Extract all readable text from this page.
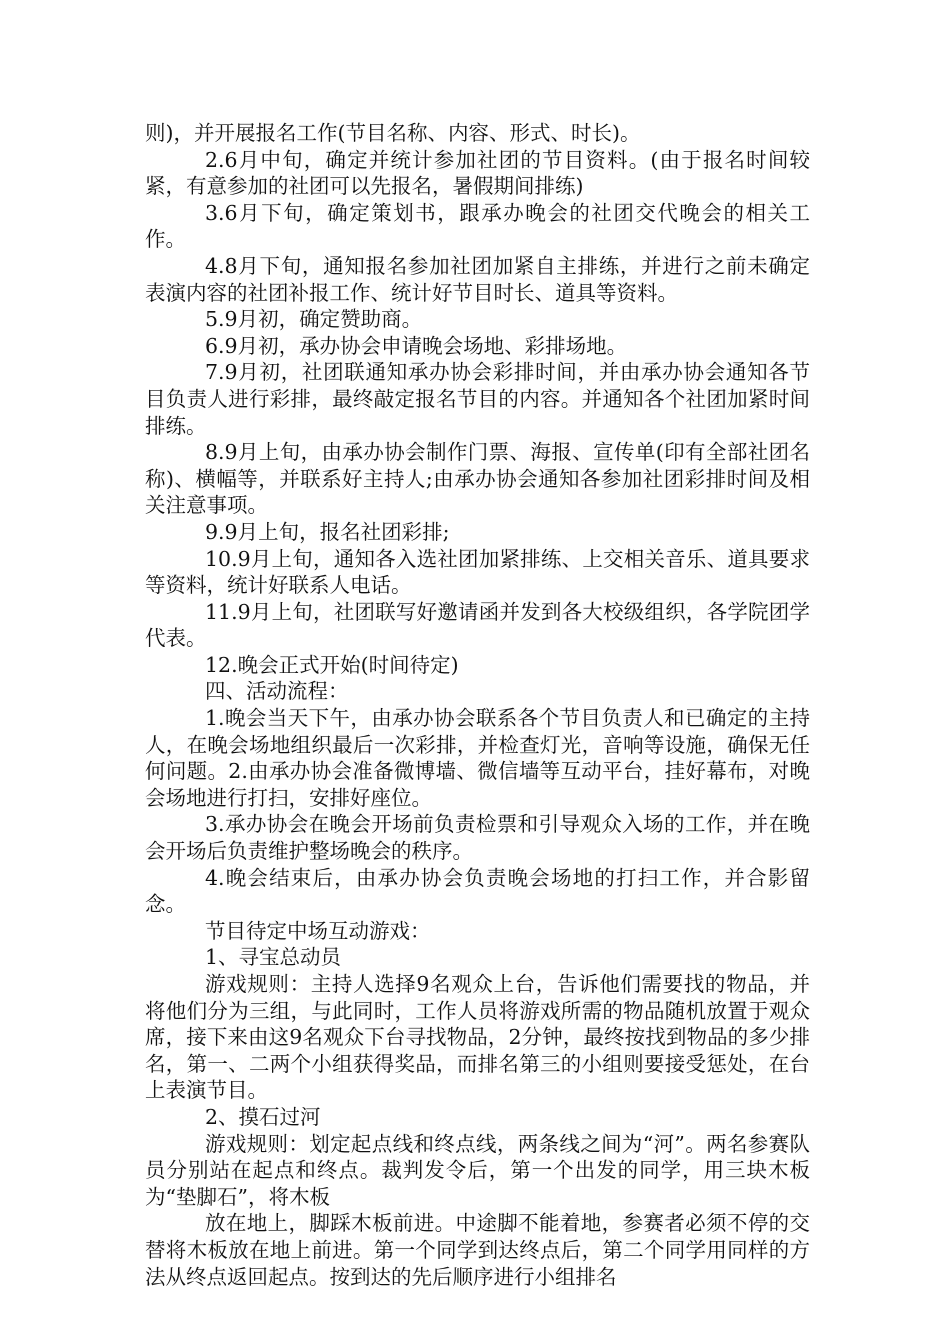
则)，并开展报名工作(节目名称、内容、形式、时长)。

2.6月中旬，确定并统计参加社团的节目资料。(由于报名时间较紧，有意参加的社团可以先报名，暑假期间排练)

3.6月下旬，确定策划书，跟承办晚会的社团交代晚会的相关工作。

4.8月下旬，通知报名参加社团加紧自主排练，并进行之前未确定表演内容的社团补报工作、统计好节目时长、道具等资料。

5.9月初，确定赞助商。

6.9月初，承办协会申请晚会场地、彩排场地。

7.9月初，社团联通知承办协会彩排时间，并由承办协会通知各节目负责人进行彩排，最终敲定报名节目的内容。并通知各个社团加紧时间排练。

8.9月上旬，由承办协会制作门票、海报、宣传单(印有全部社团名称)、横幅等，并联系好主持人;由承办协会通知各参加社团彩排时间及相关注意事项。

9.9月上旬，报名社团彩排;

10.9月上旬，通知各入选社团加紧排练、上交相关音乐、道具要求等资料，统计好联系人电话。

11.9月上旬，社团联写好邀请函并发到各大校级组织，各学院团学代表。

12.晚会正式开始(时间待定)

四、活动流程：

1.晚会当天下午，由承办协会联系各个节目负责人和已确定的主持人，在晚会场地组织最后一次彩排，并检查灯光，音响等设施，确保无任何问题。2.由承办协会准备微博墙、微信墙等互动平台，挂好幕布，对晚会场地进行打扫，安排好座位。

3.承办协会在晚会开场前负责检票和引导观众入场的工作，并在晚会开场后负责维护整场晚会的秩序。

4.晚会结束后，由承办协会负责晚会场地的打扫工作，并合影留念。

节目待定中场互动游戏：

1、寻宝总动员

游戏规则：主持人选择9名观众上台，告诉他们需要找的物品，并将他们分为三组，与此同时，工作人员将游戏所需的物品随机放置于观众席，接下来由这9名观众下台寻找物品，2分钟，最终按找到物品的多少排名，第一、二两个小组获得奖品，而排名第三的小组则要接受惩处，在台上表演节目。

2、摸石过河

游戏规则：划定起点线和终点线，两条线之间为“河”。两名参赛队员分别站在起点和终点。裁判发令后，第一个出发的同学，用三块木板为“垫脚石”，将木板

放在地上，脚踩木板前进。中途脚不能着地，参赛者必须不停的交替将木板放在地上前进。第一个同学到达终点后，第二个同学用同样的方法从终点返回起点。按到达的先后顺序进行小组排名
